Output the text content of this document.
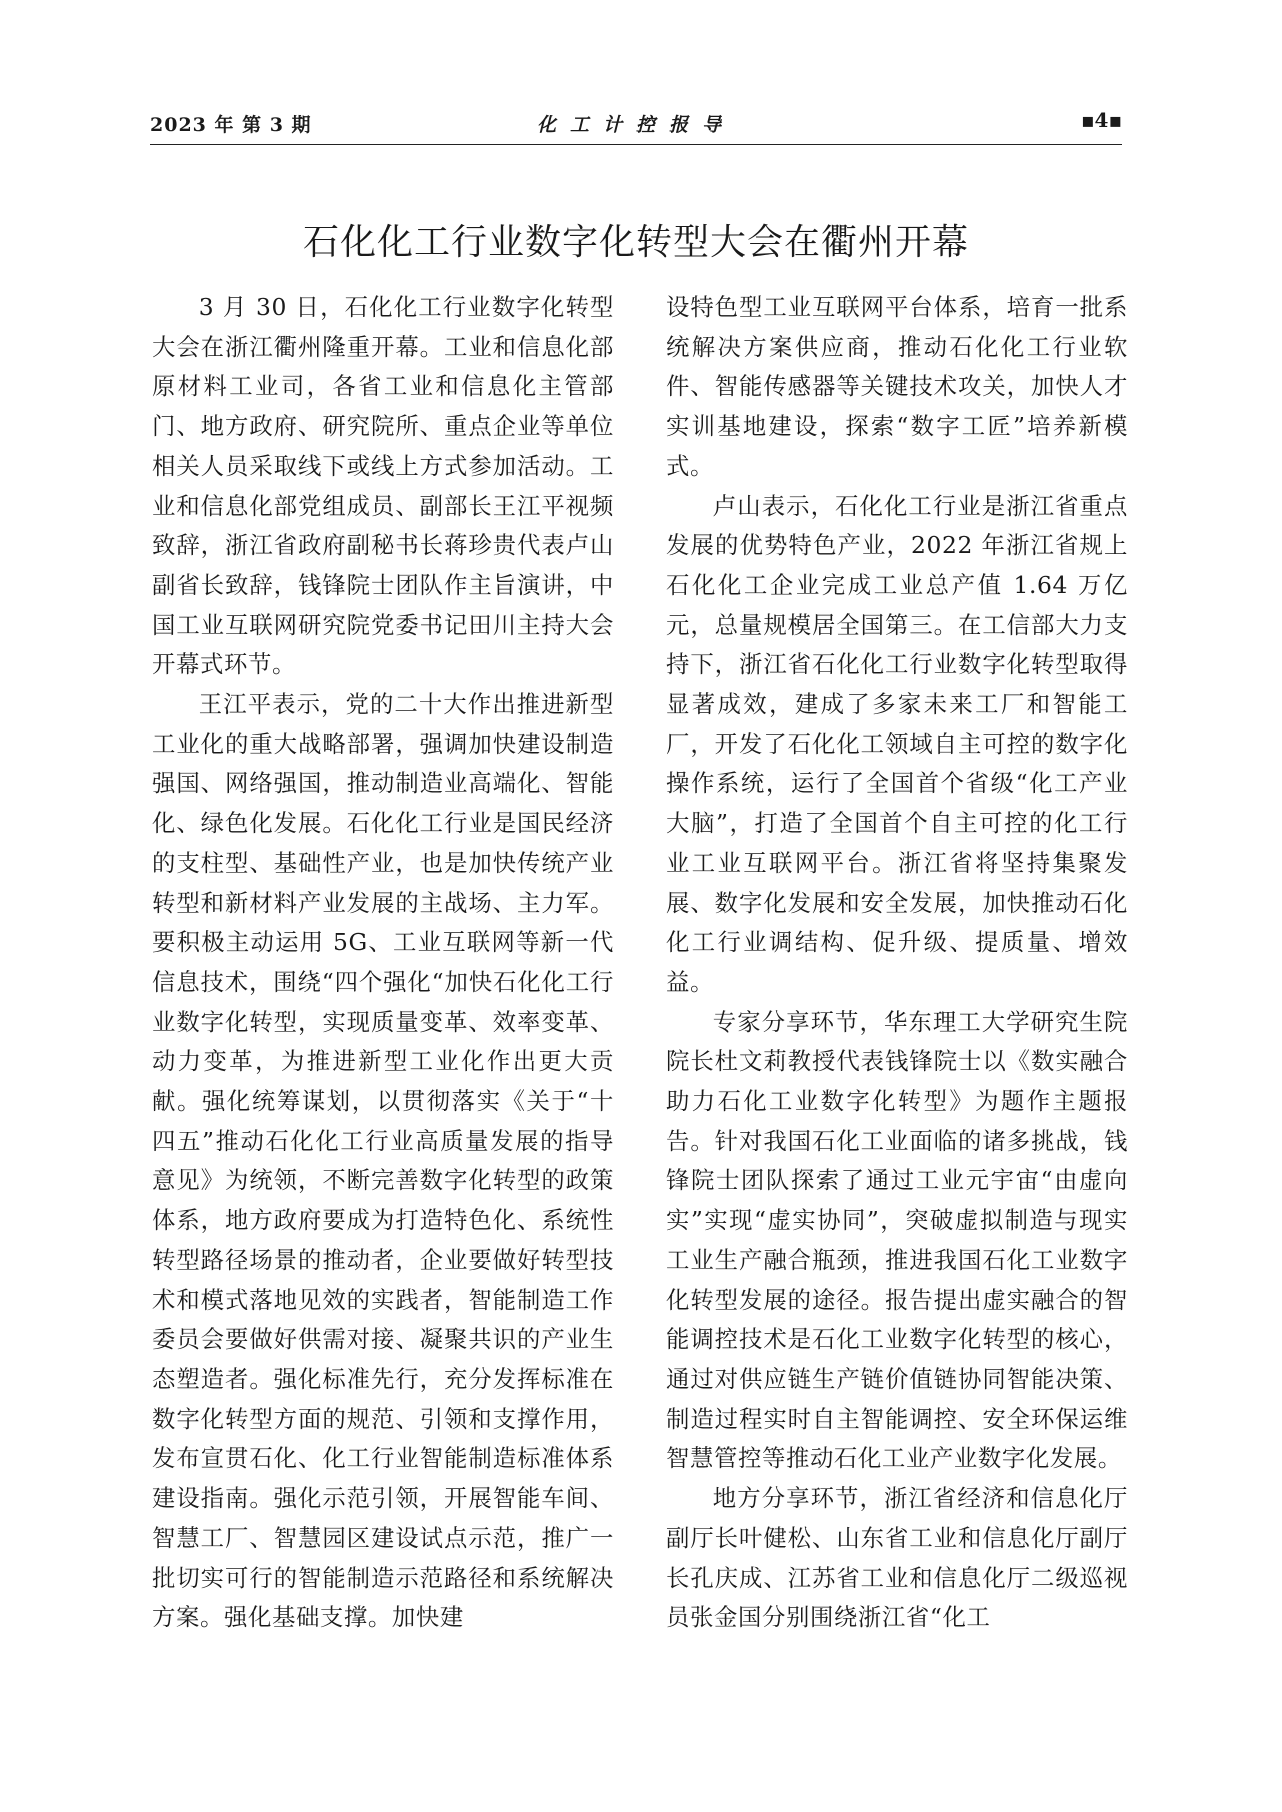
2023 年 第 3 期	化工计控报导	▪4▪
石化化工行业数字化转型大会在衢州开幕

3 月 30 日，石化化工行业数字化转型大会在浙江衢州隆重开幕。工业和信息化部原材料工业司，各省工业和信息化主管部门、地方政府、研究院所、重点企业等单位相关人员采取线下或线上方式参加活动。工业和信息化部党组成员、副部长王江平视频致辞，浙江省政府副秘书长蒋珍贵代表卢山副省长致辞，钱锋院士团队作主旨演讲，中国工业互联网研究院党委书记田川主持大会开幕式环节。

王江平表示，党的二十大作出推进新型工业化的重大战略部署，强调加快建设制造强国、网络强国，推动制造业高端化、智能化、绿色化发展。石化化工行业是国民经济的支柱型、基础性产业，也是加快传统产业转型和新材料产业发展的主战场、主力军。要积极主动运用 5G、工业互联网等新一代信息技术，围绕“四个强化“加快石化化工行业数字化转型，实现质量变革、效率变革、动力变革，为推进新型工业化作出更大贡献。强化统筹谋划，以贯彻落实《关于“十四五”推动石化化工行业高质量发展的指导意见》为统领，不断完善数字化转型的政策体系，地方政府要成为打造特色化、系统性转型路径场景的推动者，企业要做好转型技术和模式落地见效的实践者，智能制造工作委员会要做好供需对接、凝聚共识的产业生态塑造者。强化标准先行，充分发挥标准在数字化转型方面的规范、引领和支撑作用，发布宣贯石化、化工行业智能制造标准体系建设指南。强化示范引领，开展智能车间、智慧工厂、智慧园区建设试点示范，推广一批切实可行的智能制造示范路径和系统解决方案。强化基础支撑。加快建

设特色型工业互联网平台体系，培育一批系统解决方案供应商，推动石化化工行业软件、智能传感器等关键技术攻关，加快人才实训基地建设，探索“数字工匠”培养新模式。

卢山表示，石化化工行业是浙江省重点发展的优势特色产业，2022 年浙江省规上石化化工企业完成工业总产值 1.64 万亿元，总量规模居全国第三。在工信部大力支持下，浙江省石化化工行业数字化转型取得显著成效，建成了多家未来工厂和智能工厂，开发了石化化工领域自主可控的数字化操作系统，运行了全国首个省级“化工产业大脑”，打造了全国首个自主可控的化工行业工业互联网平台。浙江省将坚持集聚发展、数字化发展和安全发展，加快推动石化化工行业调结构、促升级、提质量、增效益。

专家分享环节，华东理工大学研究生院院长杜文莉教授代表钱锋院士以《数实融合助力石化工业数字化转型》为题作主题报告。针对我国石化工业面临的诸多挑战，钱锋院士团队探索了通过工业元宇宙“由虚向实”实现“虚实协同”，突破虚拟制造与现实工业生产融合瓶颈，推进我国石化工业数字化转型发展的途径。报告提出虚实融合的智能调控技术是石化工业数字化转型的核心，通过对供应链生产链价值链协同智能决策、制造过程实时自主智能调控、安全环保运维智慧管控等推动石化工业产业数字化发展。

地方分享环节，浙江省经济和信息化厅副厅长叶健松、山东省工业和信息化厅副厅长孔庆成、江苏省工业和信息化厅二级巡视员张金国分别围绕浙江省“化工
